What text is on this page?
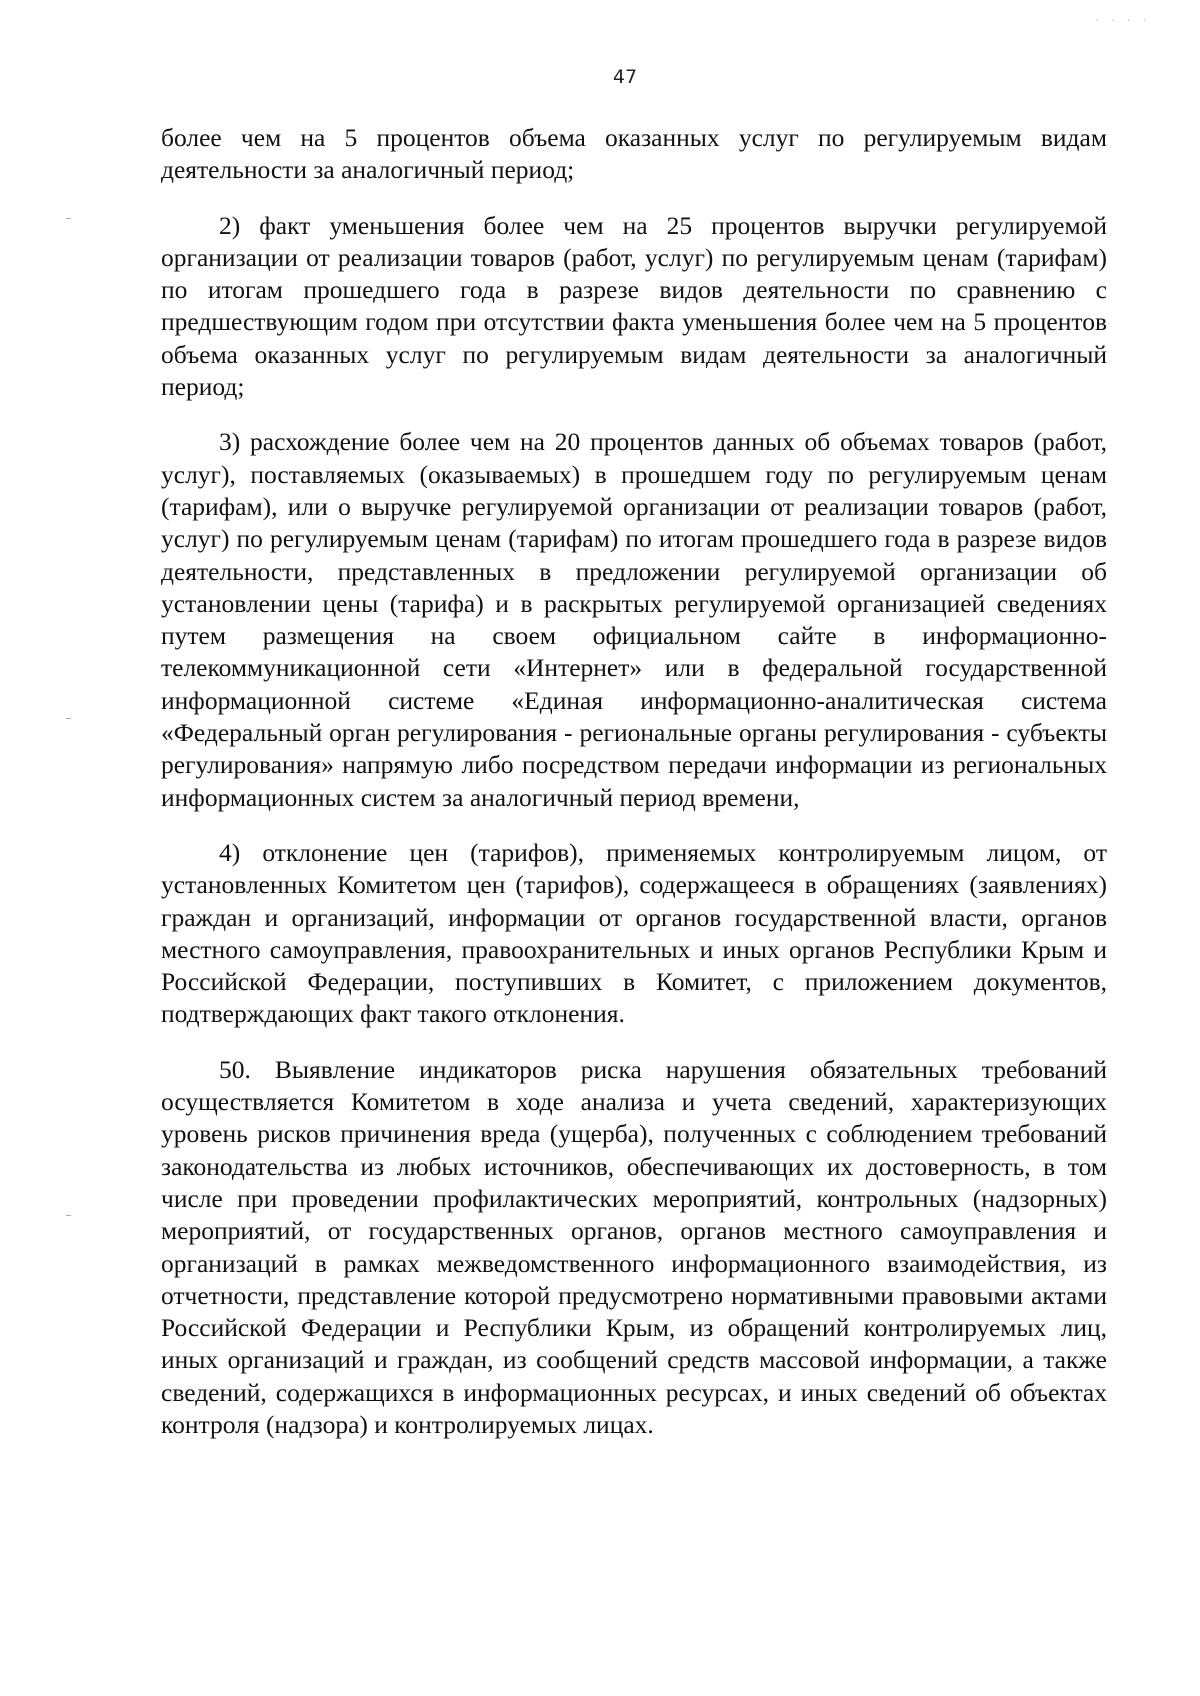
˙ ˙ ˙ ˙
47

более чем на 5 процентов объема оказанных услуг по регулируемым видам деятельности за аналогичный период;

2) факт уменьшения более чем на 25 процентов выручки регулируемой организации от реализации товаров (работ, услуг) по регулируемым ценам (тарифам) по итогам прошедшего года в разрезе видов деятельности по сравнению с предшествующим годом при отсутствии факта уменьшения более чем на 5 процентов объема оказанных услуг по регулируемым видам деятельности за аналогичный период;

3) расхождение более чем на 20 процентов данных об объемах товаров (работ, услуг), поставляемых (оказываемых) в прошедшем году по регулируемым ценам (тарифам), или о выручке регулируемой организации от реализации товаров (работ, услуг) по регулируемым ценам (тарифам) по итогам прошедшего года в разрезе видов деятельности, представленных в предложении регулируемой организации об установлении цены (тарифа) и в раскрытых регулируемой организацией сведениях путем размещения на своем официальном сайте в информационно-телекоммуникационной сети «Интернет» или в федеральной государственной информационной системе «Единая информационно-аналитическая система «Федеральный орган регулирования - региональные органы регулирования - субъекты регулирования» напрямую либо посредством передачи информации из региональных информационных систем за аналогичный период времени,

4) отклонение цен (тарифов), применяемых контролируемым лицом, от установленных Комитетом цен (тарифов), содержащееся в обращениях (заявлениях) граждан и организаций, информации от органов государственной власти, органов местного самоуправления, правоохранительных и иных органов Республики Крым и Российской Федерации, поступивших в Комитет, с приложением документов, подтверждающих факт такого отклонения.

50. Выявление индикаторов риска нарушения обязательных требований осуществляется Комитетом в ходе анализа и учета сведений, характеризующих уровень рисков причинения вреда (ущерба), полученных с соблюдением требований законодательства из любых источников, обеспечивающих их достоверность, в том числе при проведении профилактических мероприятий, контрольных (надзорных) мероприятий, от государственных органов, органов местного самоуправления и организаций в рамках межведомственного информационного взаимодействия, из отчетности, представление которой предусмотрено нормативными правовыми актами Российской Федерации и Республики Крым, из обращений контролируемых лиц, иных организаций и граждан, из сообщений средств массовой информации, а также сведений, содержащихся в информационных ресурсах, и иных сведений об объектах контроля (надзора) и контролируемых лицах.
